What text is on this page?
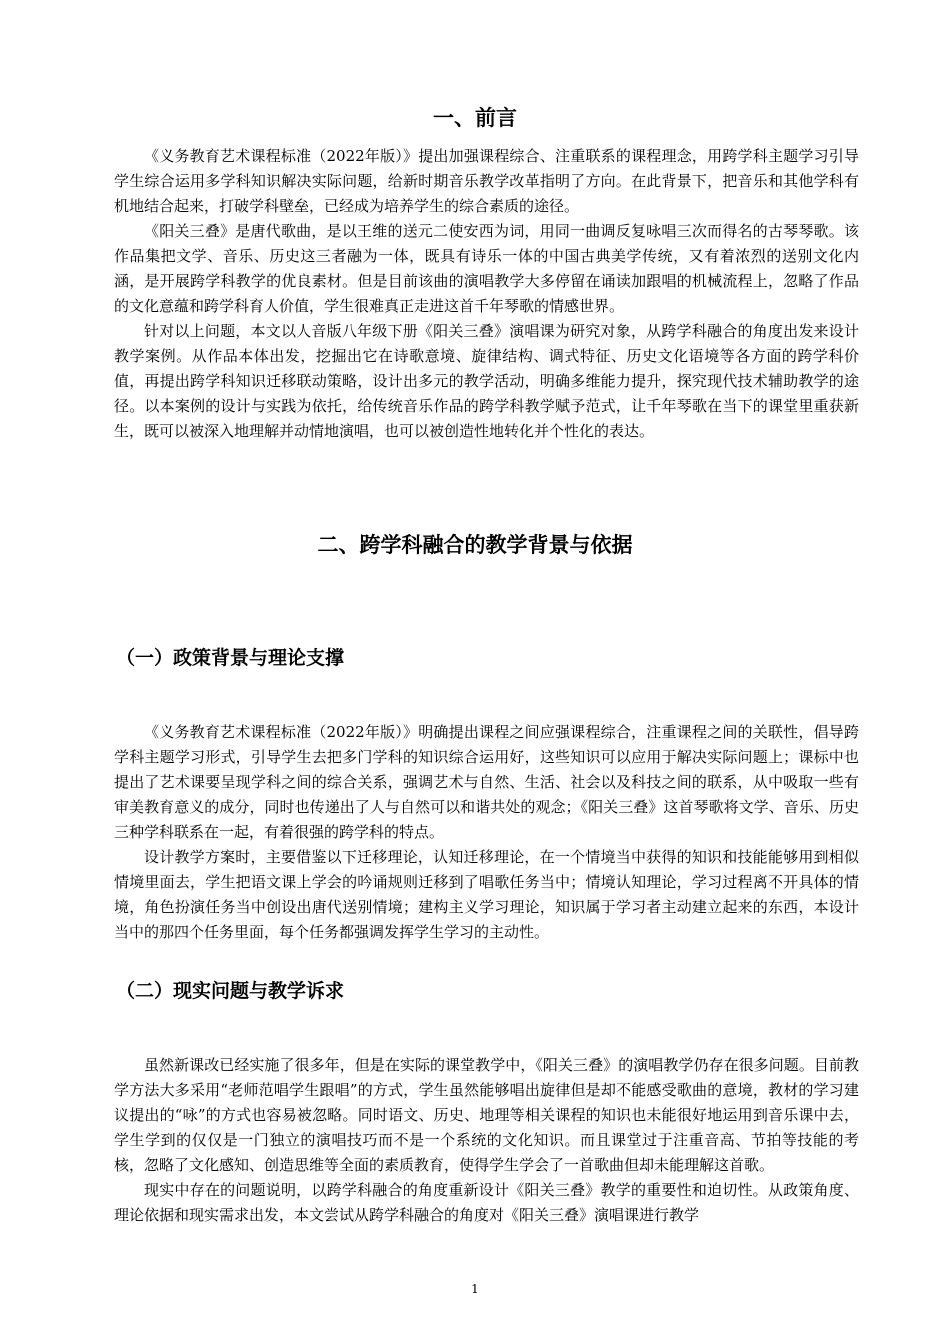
一、前言

《义务教育艺术课程标准（2022年版）》提出加强课程综合、注重联系的课程理念，用跨学科主题学习引导学生综合运用多学科知识解决实际问题，给新时期音乐教学改革指明了方向。在此背景下，把音乐和其他学科有机地结合起来，打破学科壁垒，已经成为培养学生的综合素质的途径。

《阳关三叠》是唐代歌曲，是以王维的送元二使安西为词，用同一曲调反复咏唱三次而得名的古琴琴歌。该作品集把文学、音乐、历史这三者融为一体，既具有诗乐一体的中国古典美学传统，又有着浓烈的送别文化内涵，是开展跨学科教学的优良素材。但是目前该曲的演唱教学大多停留在诵读加跟唱的机械流程上，忽略了作品的文化意蕴和跨学科育人价值，学生很难真正走进这首千年琴歌的情感世界。

针对以上问题，本文以人音版八年级下册《阳关三叠》演唱课为研究对象，从跨学科融合的角度出发来设计教学案例。从作品本体出发，挖掘出它在诗歌意境、旋律结构、调式特征、历史文化语境等各方面的跨学科价值，再提出跨学科知识迁移联动策略，设计出多元的教学活动，明确多维能力提升，探究现代技术辅助教学的途径。以本案例的设计与实践为依托，给传统音乐作品的跨学科教学赋予范式，让千年琴歌在当下的课堂里重获新生，既可以被深入地理解并动情地演唱，也可以被创造性地转化并个性化的表达。

二、跨学科融合的教学背景与依据
（一）政策背景与理论支撑

《义务教育艺术课程标准（2022年版）》明确提出课程之间应强课程综合，注重课程之间的关联性，倡导跨学科主题学习形式，引导学生去把多门学科的知识综合运用好，这些知识可以应用于解决实际问题上；课标中也提出了艺术课要呈现学科之间的综合关系，强调艺术与自然、生活、社会以及科技之间的联系，从中吸取一些有审美教育意义的成分，同时也传递出了人与自然可以和谐共处的观念；《阳关三叠》这首琴歌将文学、音乐、历史三种学科联系在一起，有着很强的跨学科的特点。

设计教学方案时，主要借鉴以下迁移理论，认知迁移理论，在一个情境当中获得的知识和技能能够用到相似情境里面去，学生把语文课上学会的吟诵规则迁移到了唱歌任务当中；情境认知理论，学习过程离不开具体的情境，角色扮演任务当中创设出唐代送别情境；建构主义学习理论，知识属于学习者主动建立起来的东西，本设计当中的那四个任务里面，每个任务都强调发挥学生学习的主动性。

（二）现实问题与教学诉求

虽然新课改已经实施了很多年，但是在实际的课堂教学中，《阳关三叠》的演唱教学仍存在很多问题。目前教学方法大多采用“老师范唱学生跟唱”的方式，学生虽然能够唱出旋律但是却不能感受歌曲的意境，教材的学习建议提出的“咏”的方式也容易被忽略。同时语文、历史、地理等相关课程的知识也未能很好地运用到音乐课中去，学生学到的仅仅是一门独立的演唱技巧而不是一个系统的文化知识。而且课堂过于注重音高、节拍等技能的考核，忽略了文化感知、创造思维等全面的素质教育，使得学生学会了一首歌曲但却未能理解这首歌。

现实中存在的问题说明，以跨学科融合的角度重新设计《阳关三叠》教学的重要性和迫切性。从政策角度、理论依据和现实需求出发，本文尝试从跨学科融合的角度对《阳关三叠》演唱课进行教学

1
